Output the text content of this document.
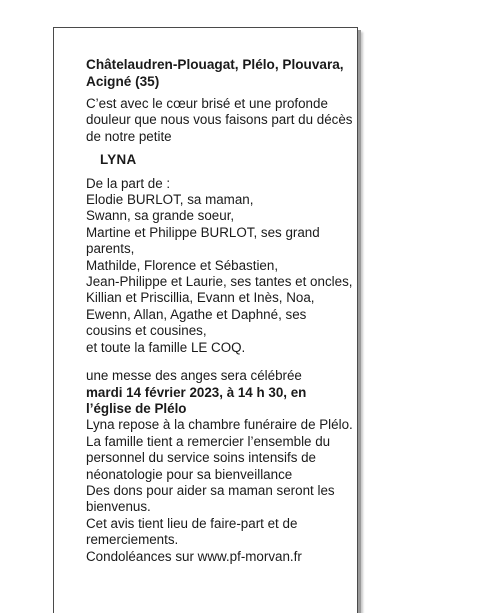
Châtelaudren-Plouagat, Plélo, Plouvara, Acigné (35)

C’est avec le cœur brisé et une profonde douleur que nous vous faisons part du décès de notre petite

LYNA
De la part de :
Elodie BURLOT, sa maman,
Swann, sa grande soeur,
Martine et Philippe BURLOT, ses grand parents,
Mathilde, Florence et Sébastien,
Jean-Philippe et Laurie, ses tantes et oncles,
Killian et Priscillia, Evann et Inès, Noa, Ewenn, Allan, Agathe et Daphné, ses cousins et cousines,
et toute la famille LE COQ.
une messe des anges sera célébrée
mardi 14 février 2023, à 14 h 30, en l’église de Plélo
Lyna repose à la chambre funéraire de Plélo.
La famille tient a remercier l’ensemble du personnel du service soins intensifs de néonatologie pour sa bienveillance
Des dons pour aider sa maman seront les bienvenus.
Cet avis tient lieu de faire-part et de remerciements.
Condoléances sur www.pf-morvan.fr
